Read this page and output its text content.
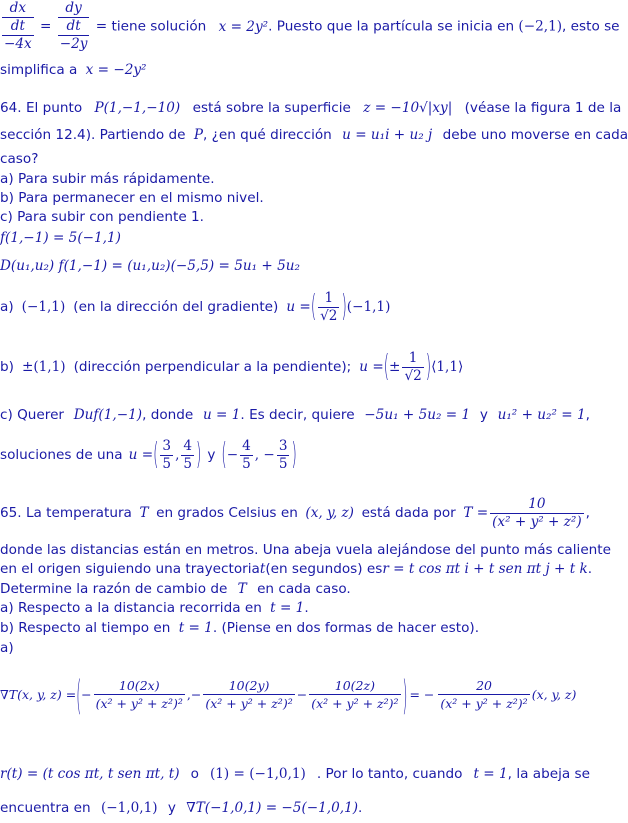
dx
dt
−4x
=
dy
dt
−2y
= tiene solución x = 2y². Puesto que la partícula se inicia en (−2,1), esto se
simplifica a x = −2y²
64. El punto P(1,−1,−10) está sobre la superficie z = −10√|xy| (véase la figura 1 de la
sección 12.4). Partiendo de P, ¿en qué dirección u = u₁i + u₂ j debe uno moverse en cada
caso?
a) Para subir más rápidamente.
b) Para permanecer en el mismo nivel.
c) Para subir con pendiente 1.
f(1,−1) = 5(−1,1)
D(u₁,u₂) f(1,−1) = (u₁,u₂)(−5,5) = 5u₁ + 5u₂
a) (−1,1) (en la dirección del gradiente) u = ( $\frac{1}{√2}$ ) (−1,1)
b) ±(1,1) (dirección perpendicular a la pendiente); u = ( ± $\frac{1}{√2}$ ) ⟨1,1⟩
c) Querer Duf(1,−1), donde u = 1. Es decir, quiere −5u₁ + 5u₂ = 1 y u₁² + u₂² = 1,
soluciones de una u = ( $\frac{3}{5}$ , $\frac{4}{5}$ ) y ( − $\frac{4}{5}$ , − $\frac{3}{5}$ )
65. La temperatura T en grados Celsius en (x, y, z) está dada por $T = \frac{10}{\text{(x² + y² + z²)}}$ ,
donde las distancias están en metros. Una abeja vuela alejándose del punto más caliente
en el origen siguiendo una trayectoria t (en segundos) es r = t cos πt i + t sen πt j + t k.
Determine la razón de cambio de T en cada caso.
a) Respecto a la distancia recorrida en t = 1.
b) Respecto al tiempo en t = 1. (Piense en dos formas de hacer esto).
a)
∇T(x, y, z) = ( − $\frac{10(2x)}{\text{(x² + y² + z²)²}}$ ,− $\frac{10(2y)}{\text{(x² + y² + z²)²}} - \frac{10(2z)}{\text{(x² + y² + z²)²}}$ ) = − $\frac{20}{\text{(x² + y² + z²)²}} (x$, y, z)
r(t) = (t cos πt, t sen πt, t) o (1) = (−1,0,1) . Por lo tanto, cuando t = 1, la abeja se
encuentra en (−1,0,1) y ∇T(−1,0,1) = −5(−1,0,1).
